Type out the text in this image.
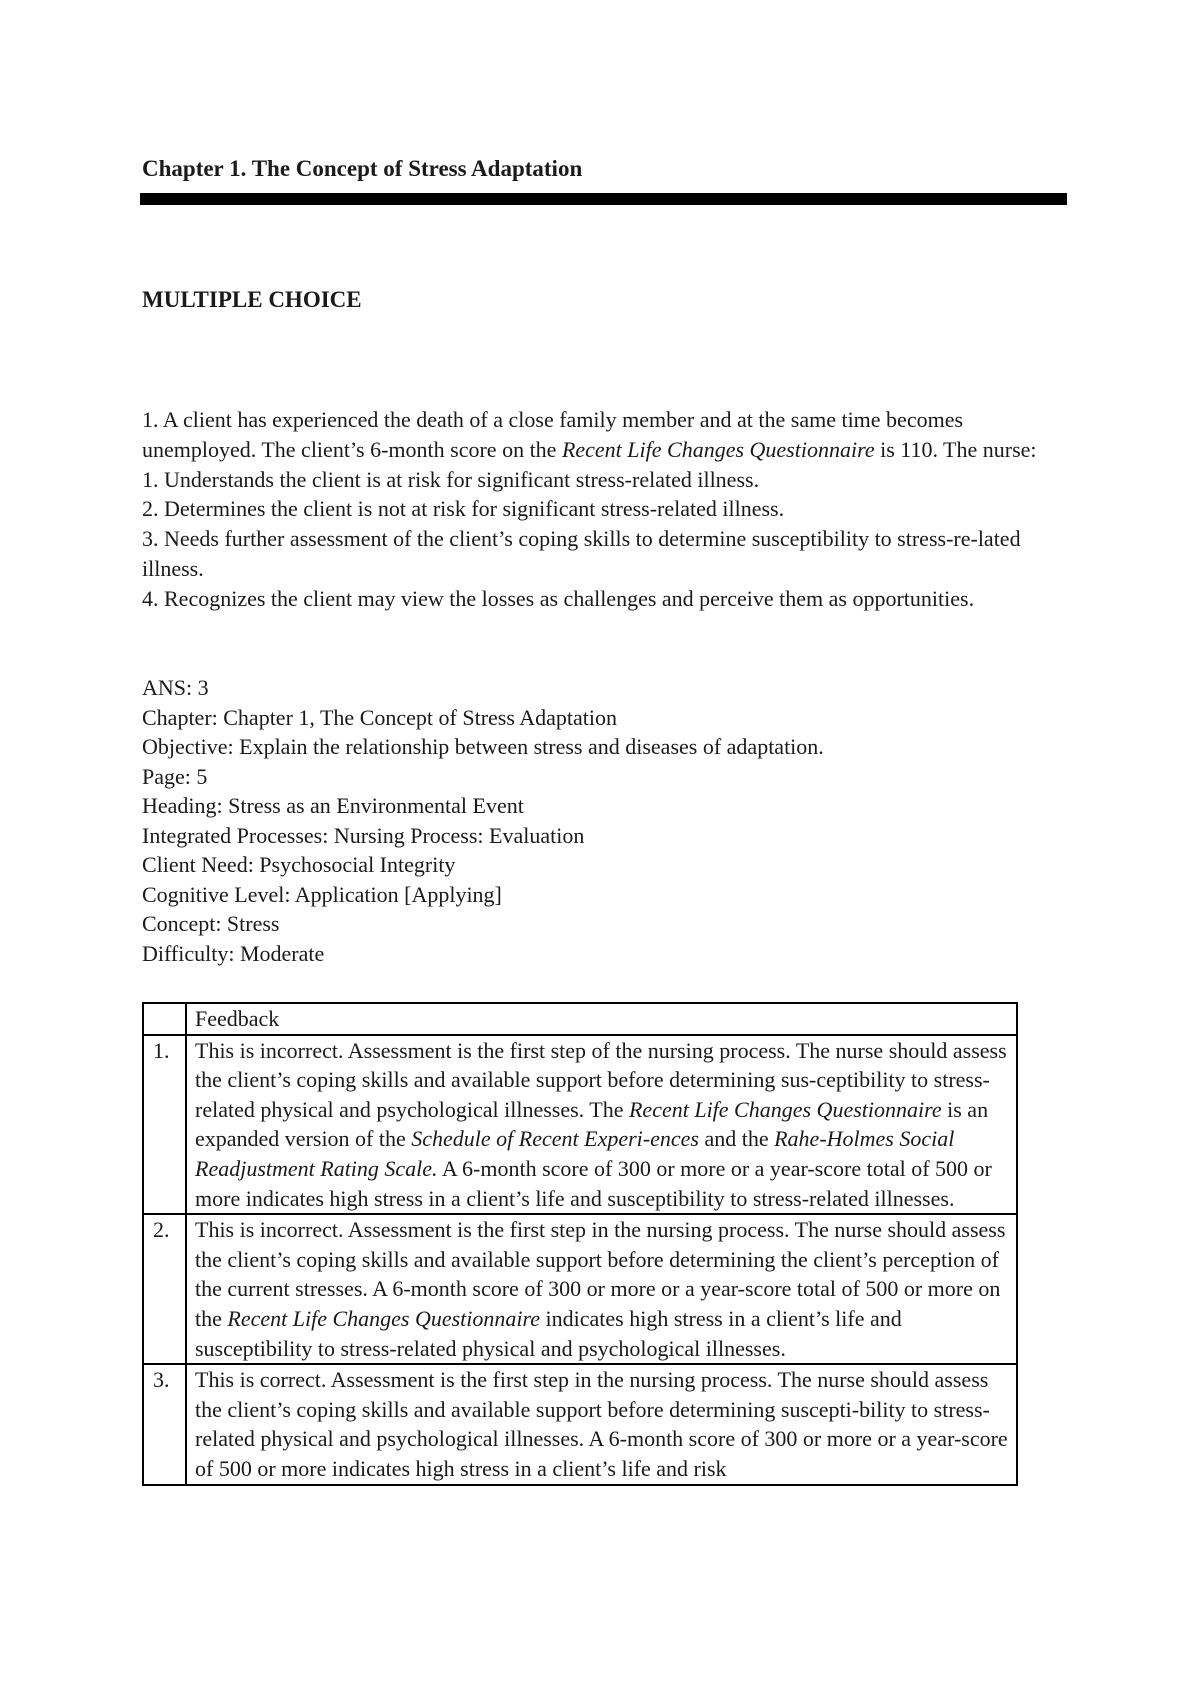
Chapter 1. The Concept of Stress Adaptation
MULTIPLE CHOICE

1. A client has experienced the death of a close family member and at the same time becomes unemployed. The client’s 6-month score on the Recent Life Changes Questionnaire is 110. The nurse:

1. Understands the client is at risk for significant stress-related illness.

2. Determines the client is not at risk for significant stress-related illness.

3. Needs further assessment of the client’s coping skills to determine susceptibility to stress-re-lated illness.

4. Recognizes the client may view the losses as challenges and perceive them as opportunities.

ANS: 3
Chapter: Chapter 1, The Concept of Stress Adaptation
Objective: Explain the relationship between stress and diseases of adaptation.
Page: 5
Heading: Stress as an Environmental Event
Integrated Processes: Nursing Process: Evaluation
Client Need: Psychosocial Integrity
Cognitive Level: Application [Applying]
Concept: Stress
Difficulty: Moderate
	Feedback
1.	This is incorrect. Assessment is the first step of the nursing process. The nurse should assess the client’s coping skills and available support before determining sus-ceptibility to stress-related physical and psychological illnesses. The Recent Life Changes Questionnaire is an expanded version of the Schedule of Recent Experi-ences and the Rahe-Holmes Social Readjustment Rating Scale. A 6-month score of 300 or more or a year-score total of 500 or more indicates high stress in a client’s life and susceptibility to stress-related illnesses.
2.	This is incorrect. Assessment is the first step in the nursing process. The nurse should assess the client’s coping skills and available support before determining the client’s perception of the current stresses. A 6-month score of 300 or more or a year-score total of 500 or more on the Recent Life Changes Questionnaire indicates high stress in a client’s life and susceptibility to stress-related physical and psychological illnesses.
3.	This is correct. Assessment is the first step in the nursing process. The nurse should assess the client’s coping skills and available support before determining suscepti-bility to stress-related physical and psychological illnesses. A 6-month score of 300 or more or a year-score of 500 or more indicates high stress in a client’s life and risk
